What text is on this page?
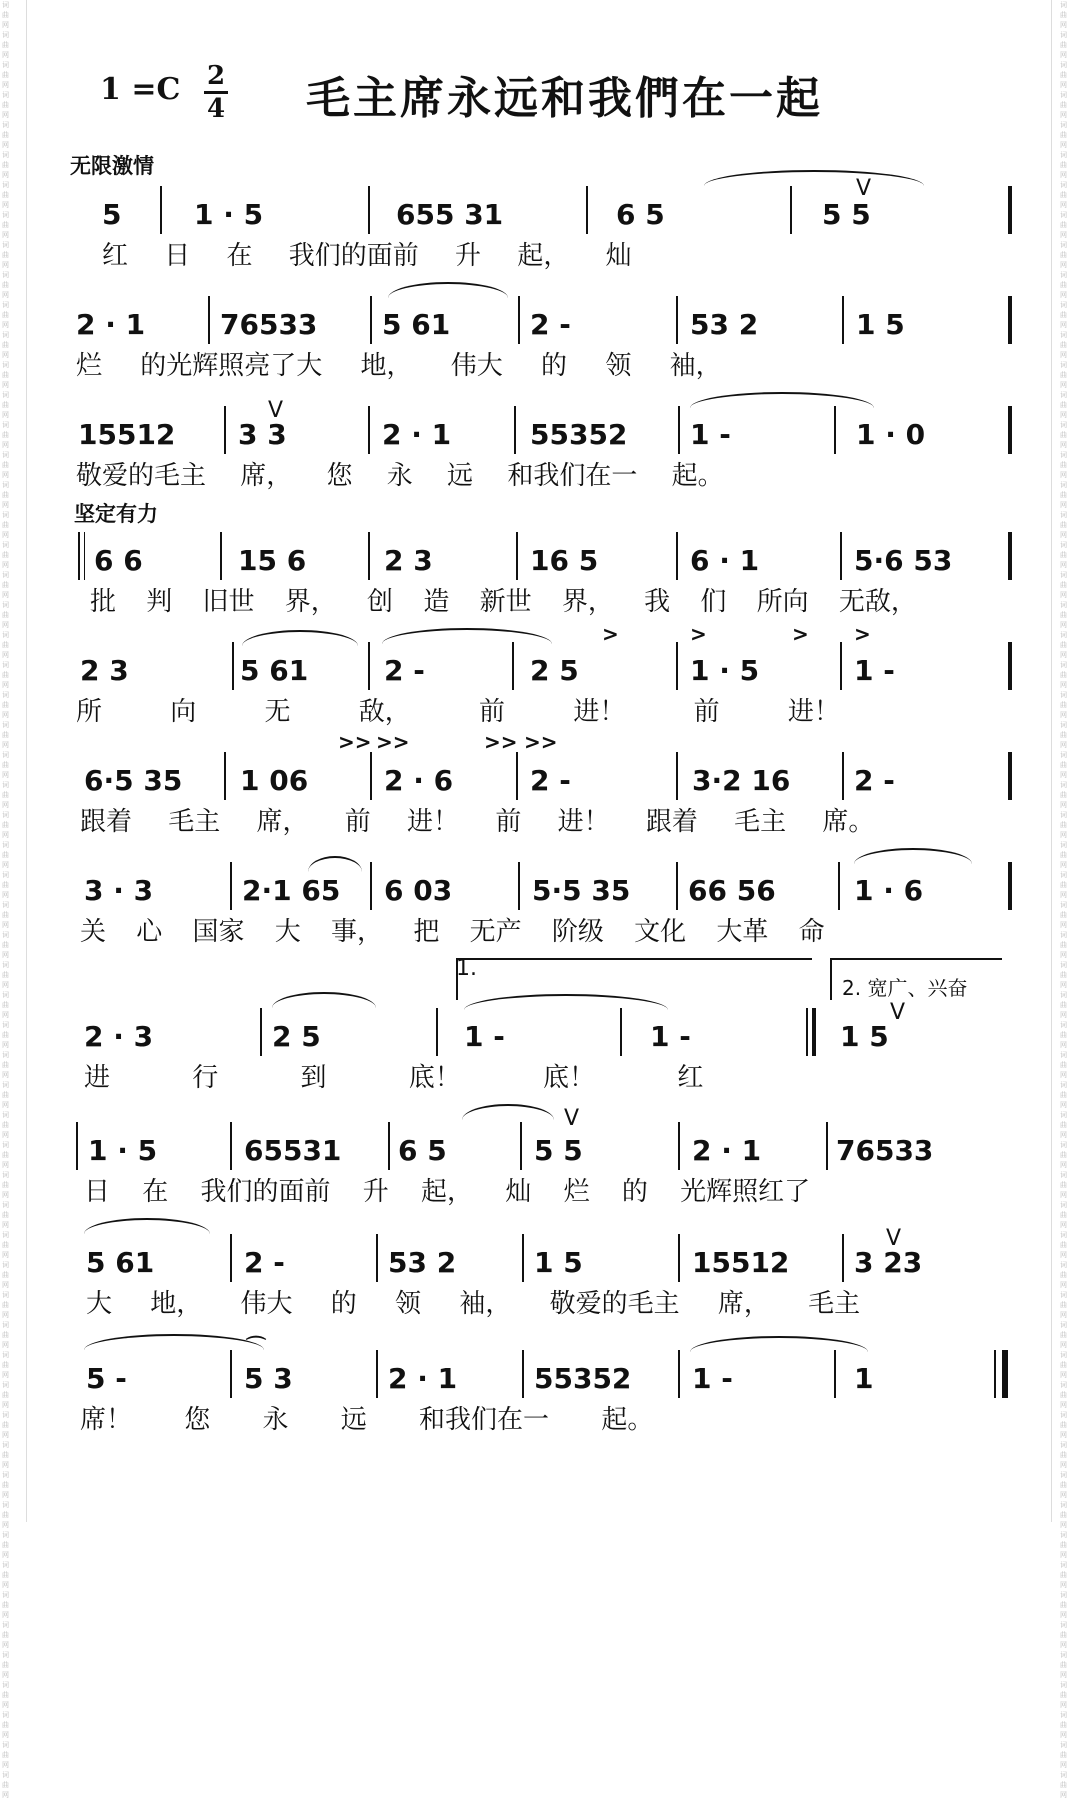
词曲网 词曲网 词曲网 词曲网 词曲网 词曲网 词曲网 词曲网 词曲网 词曲网 词曲网 词曲网 词曲网 词曲网 词曲网 词曲网 词曲网 词曲网 词曲网 词曲网 词曲网 词曲网 词曲网 词曲网 词曲网 词曲网 词曲网 词曲网 词曲网 词曲网 词曲网 词曲网 词曲网 词曲网 词曲网 词曲网 词曲网 词曲网 词曲网 词曲网 词曲网 词曲网 词曲网 词曲网 词曲网 词曲网 词曲网 词曲网 词曲网 词曲网 词曲网 词曲网 词曲网 词曲网 词曲网 词曲网 词曲网 词曲网 词曲网 词曲网
词曲网 词曲网 词曲网 词曲网 词曲网 词曲网 词曲网 词曲网 词曲网 词曲网 词曲网 词曲网 词曲网 词曲网 词曲网 词曲网 词曲网 词曲网 词曲网 词曲网 词曲网 词曲网 词曲网 词曲网 词曲网 词曲网 词曲网 词曲网 词曲网 词曲网 词曲网 词曲网 词曲网 词曲网 词曲网 词曲网 词曲网 词曲网 词曲网 词曲网 词曲网 词曲网 词曲网 词曲网 词曲网 词曲网 词曲网 词曲网 词曲网 词曲网 词曲网 词曲网 词曲网 词曲网 词曲网 词曲网 词曲网 词曲网 词曲网 词曲网
1 =C 2
4 毛主席永远和我們在一起
无限激情
坚定有力
5	1 · 5	655 31	6 5	5 5
V
红 日 在 我们的面前 升 起， 灿
2 · 1	76533 5 61	2 -	53 2	1 5
烂 的光辉照亮了大 地， 伟大 的 领 袖，
15512 3 3	2 · 1	55352 1 -	1 · 0
V
敬爱的毛主 席， 您 永 远 和我们在一 起。
6 6	15 6	2 3	16 5	6 · 1	5·6 53
批 判 旧世 界， 创 造 新世 界， 我 们 所向 无敌，
2 3	5 61	2 -	2 5	1 · 5	1 -
>	>	> >
所 向 无 敌， 前 进！ 前 进！
6·5 35 1 06	2 · 6	2 -	3·2 16 2 -
>> >>	>> >>
跟着 毛主 席， 前 进！ 前 进！ 跟着 毛主 席。
3 · 3	2·1 65 6 03	5·5 35 66 56	1 · 6
关 心 国家 大 事， 把 无产 阶级 文化 大革 命
1.
2. 宽广、兴奋
2 · 3	2 5	1 -	1 -	1 5
V
进 行 到 底！ 底！ 红
1 · 5	65531 6 5	5 5	2 · 1	76533
V
日 在 我们的面前 升 起， 灿 烂 的 光辉照红了
5 61	2 -	53 2	1 5	15512 3 23
V
大 地， 伟大 的 领 袖， 敬爱的毛主 席， 毛主
5 -	5 3	2 · 1	55352 1 -	1
⌒
席！ 您 永 远 和我们在一 起。
